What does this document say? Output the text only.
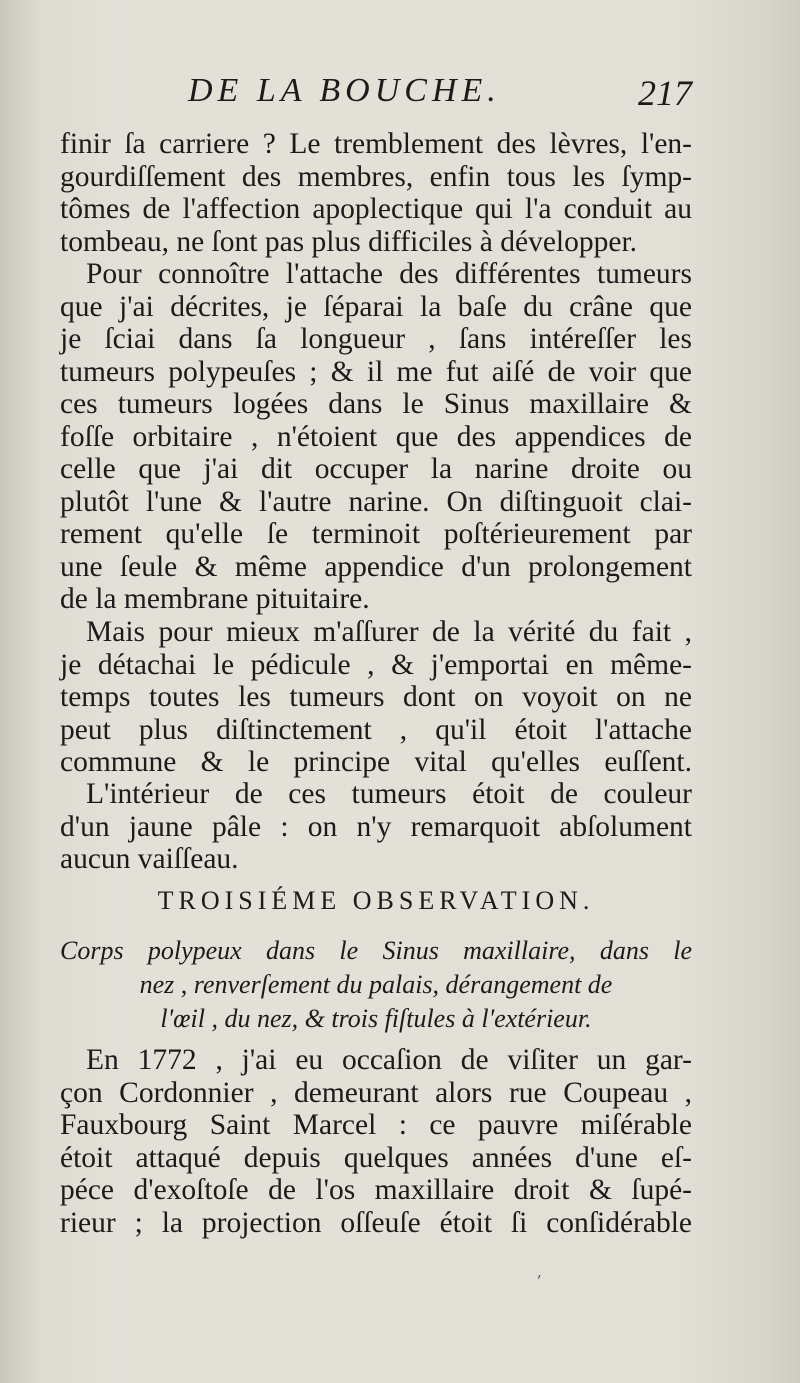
DE LA BOUCHE.	217
finir ſa carriere ? Le tremblement des lèvres, l'en-
gourdiſſement des membres, enfin tous les ſymp-
tômes de l'affection apoplectique qui l'a conduit au
tombeau, ne ſont pas plus difficiles à développer.
Pour connoître l'attache des différentes tumeurs
que j'ai décrites, je ſéparai la baſe du crâne que
je ſciai dans ſa longueur , ſans intéreſſer les
tumeurs polypeuſes ; & il me fut aiſé de voir que
ces tumeurs logées dans le Sinus maxillaire &
foſſe orbitaire , n'étoient que des appendices de
celle que j'ai dit occuper la narine droite ou
plutôt l'une & l'autre narine. On diſtinguoit clai-
rement qu'elle ſe terminoit poſtérieurement par
une ſeule & même appendice d'un prolongement
de la membrane pituitaire.
Mais pour mieux m'aſſurer de la vérité du fait ,
je détachai le pédicule , & j'emportai en même-
temps toutes les tumeurs dont on voyoit on ne
peut plus diſtinctement , qu'il étoit l'attache
commune & le principe vital qu'elles euſſent.
L'intérieur de ces tumeurs étoit de couleur
d'un jaune pâle : on n'y remarquoit abſolument
aucun vaiſſeau.
TROISIÉME OBSERVATION.
Corps polypeux dans le Sinus maxillaire, dans le
nez , renverſement du palais, dérangement de
l'œil , du nez, & trois fiſtules à l'extérieur.
En 1772 , j'ai eu occaſion de viſiter un gar-
çon Cordonnier , demeurant alors rue Coupeau ,
Fauxbourg Saint Marcel : ce pauvre miſérable
étoit attaqué depuis quelques années d'une eſ-
péce d'exoſtoſe de l'os maxillaire droit & ſupé-
rieur ; la projection oſſeuſe étoit ſi conſidérable
ʼ
